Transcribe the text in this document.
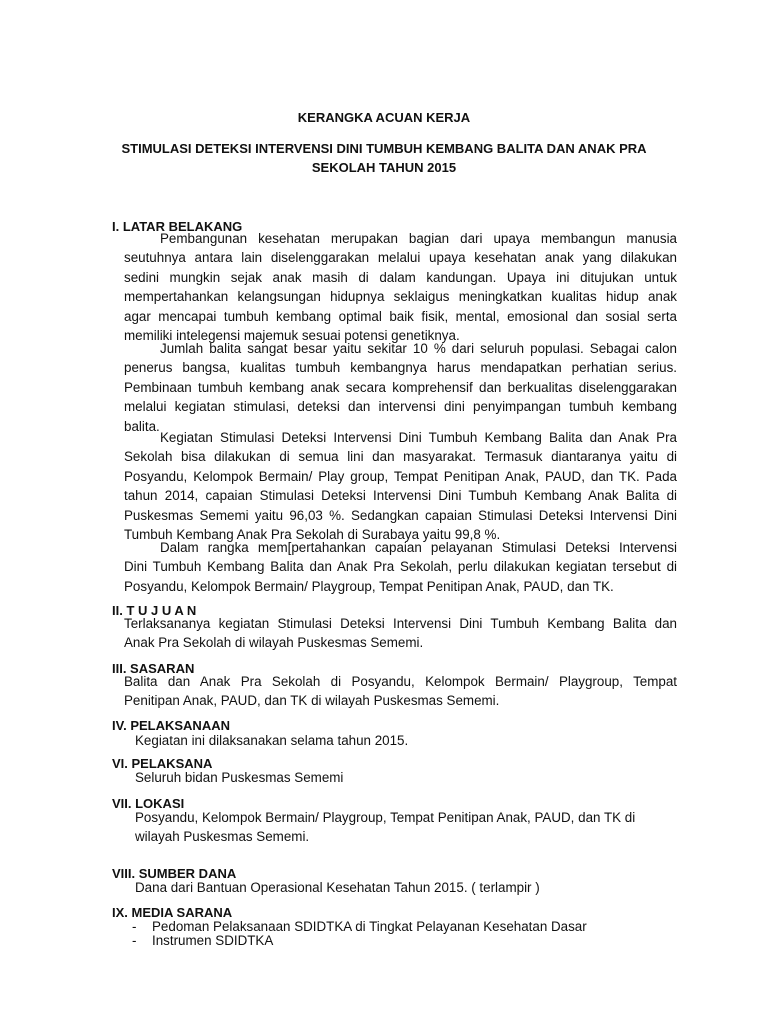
KERANGKA ACUAN KERJA
STIMULASI DETEKSI INTERVENSI DINI TUMBUH KEMBANG BALITA DAN ANAK PRA
SEKOLAH TAHUN 2015
I. LATAR BELAKANG
Pembangunan kesehatan merupakan bagian dari upaya membangun manusia
seutuhnya antara lain diselenggarakan melalui upaya kesehatan anak yang dilakukan
sedini mungkin sejak anak masih di dalam kandungan. Upaya ini ditujukan untuk
mempertahankan kelangsungan hidupnya seklaigus meningkatkan kualitas hidup anak
agar mencapai tumbuh kembang optimal baik fisik, mental, emosional dan sosial serta
memiliki intelegensi majemuk sesuai potensi genetiknya.
Jumlah balita sangat besar yaitu sekitar 10 % dari seluruh populasi. Sebagai calon
penerus bangsa, kualitas tumbuh kembangnya harus mendapatkan perhatian serius.
Pembinaan tumbuh kembang anak secara komprehensif dan berkualitas diselenggarakan
melalui kegiatan stimulasi, deteksi dan intervensi dini penyimpangan tumbuh kembang
balita.
Kegiatan Stimulasi Deteksi Intervensi Dini Tumbuh Kembang Balita dan Anak Pra
Sekolah bisa dilakukan di semua lini dan masyarakat. Termasuk diantaranya yaitu di
Posyandu, Kelompok Bermain/ Play group, Tempat Penitipan Anak, PAUD, dan TK. Pada
tahun 2014, capaian Stimulasi Deteksi Intervensi Dini Tumbuh Kembang Anak Balita di
Puskesmas Sememi yaitu 96,03 %. Sedangkan capaian Stimulasi Deteksi Intervensi Dini
Tumbuh Kembang Anak Pra Sekolah di Surabaya yaitu 99,8 %.
Dalam rangka mem[pertahankan capaian pelayanan Stimulasi Deteksi Intervensi
Dini Tumbuh Kembang Balita dan Anak Pra Sekolah, perlu dilakukan kegiatan tersebut di
Posyandu, Kelompok Bermain/ Playgroup, Tempat Penitipan Anak, PAUD, dan TK.
II. T U J U A N
Terlaksananya kegiatan Stimulasi Deteksi Intervensi Dini Tumbuh Kembang Balita dan
Anak Pra Sekolah di wilayah Puskesmas Sememi.
III. SASARAN
Balita dan Anak Pra Sekolah di Posyandu, Kelompok Bermain/ Playgroup, Tempat
Penitipan Anak, PAUD, dan TK di wilayah Puskesmas Sememi.
IV. PELAKSANAAN
Kegiatan ini dilaksanakan selama tahun 2015.
VI. PELAKSANA
Seluruh bidan Puskesmas Sememi
VII. LOKASI
Posyandu, Kelompok Bermain/ Playgroup, Tempat Penitipan Anak, PAUD, dan TK di
wilayah Puskesmas Sememi.
VIII. SUMBER DANA
Dana dari Bantuan Operasional Kesehatan Tahun 2015. ( terlampir )
IX. MEDIA SARANA
- Pedoman Pelaksanaan SDIDTKA di Tingkat Pelayanan Kesehatan Dasar
- Instrumen SDIDTKA
